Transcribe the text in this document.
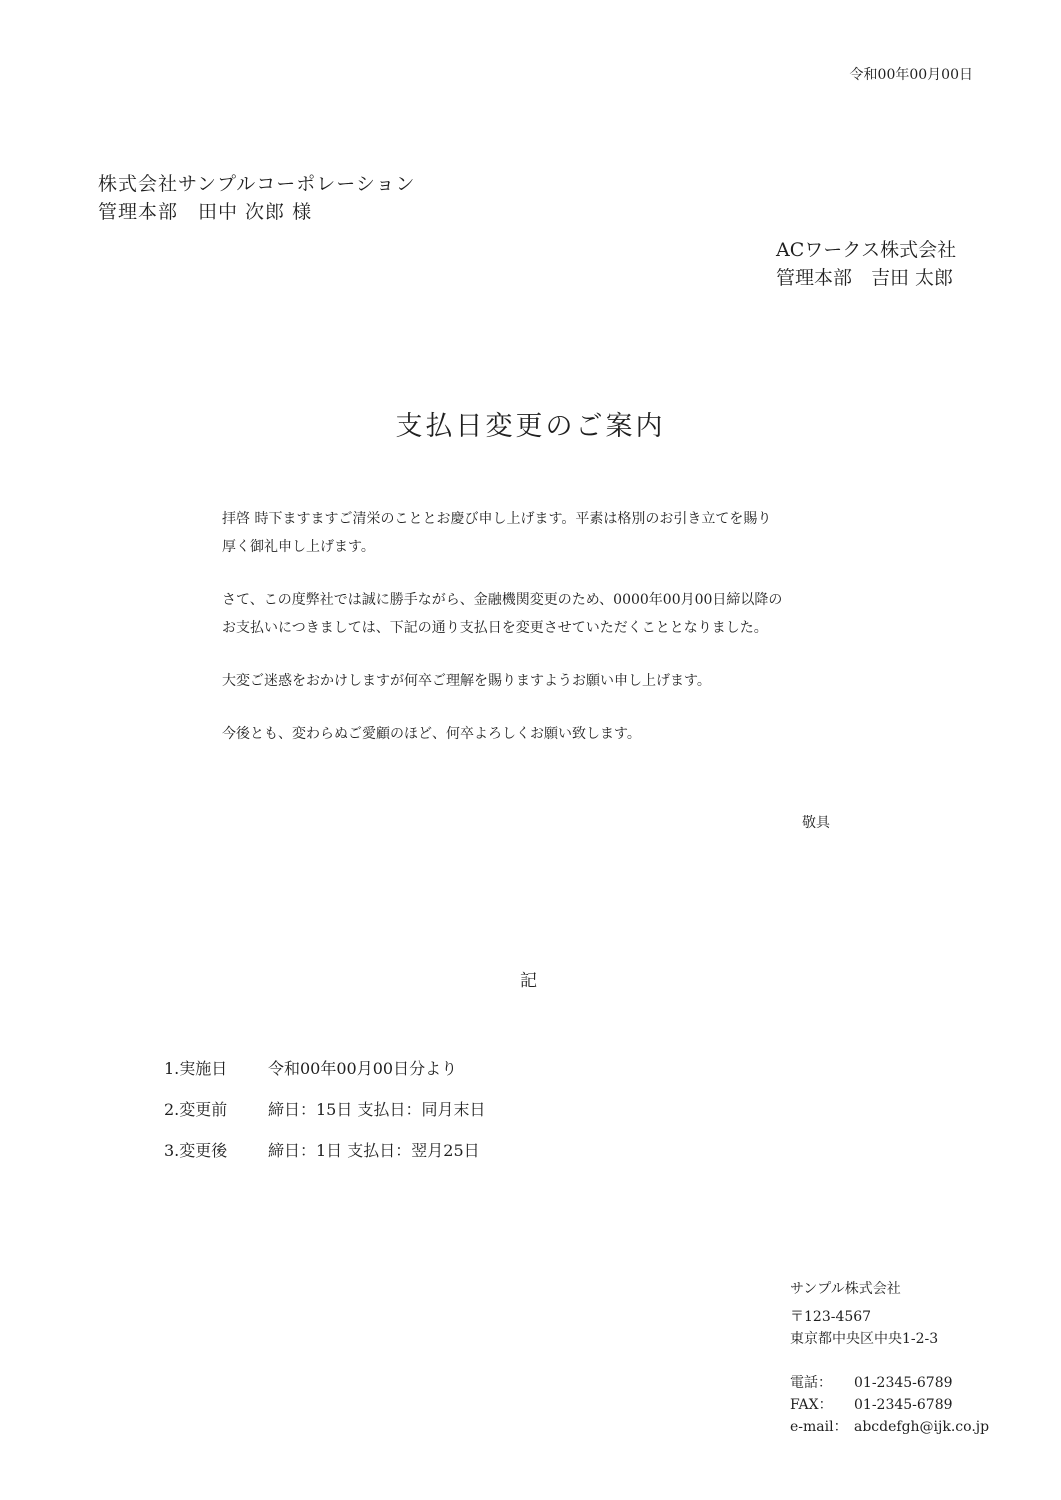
令和00年00月00日
株式会社サンプルコーポレーション
管理本部　田中 次郎 様
ACワークス株式会社
管理本部　吉田 太郎
支払日変更のご案内

拝啓 時下ますますご清栄のこととお慶び申し上げます。平素は格別のお引き立てを賜り
厚く御礼申し上げます。

さて、この度弊社では誠に勝手ながら、金融機関変更のため、0000年00月00日締以降の
お支払いにつきましては、下記の通り支払日を変更させていただくこととなりました。

大変ご迷惑をおかけしますが何卒ご理解を賜りますようお願い申し上げます。

今後とも、変わらぬご愛顧のほど、何卒よろしくお願い致します。

敬具
記
1.実施日	令和00年00月00日分より
2.変更前	締日：15日 支払日：同月末日
3.変更後	締日：1日 支払日：翌月25日
サンプル株式会社
〒123-4567
東京都中央区中央1-2-3
電話：	01-2345-6789
FAX：	01-2345-6789
e-mail： abcdefgh@ijk.co.jp
